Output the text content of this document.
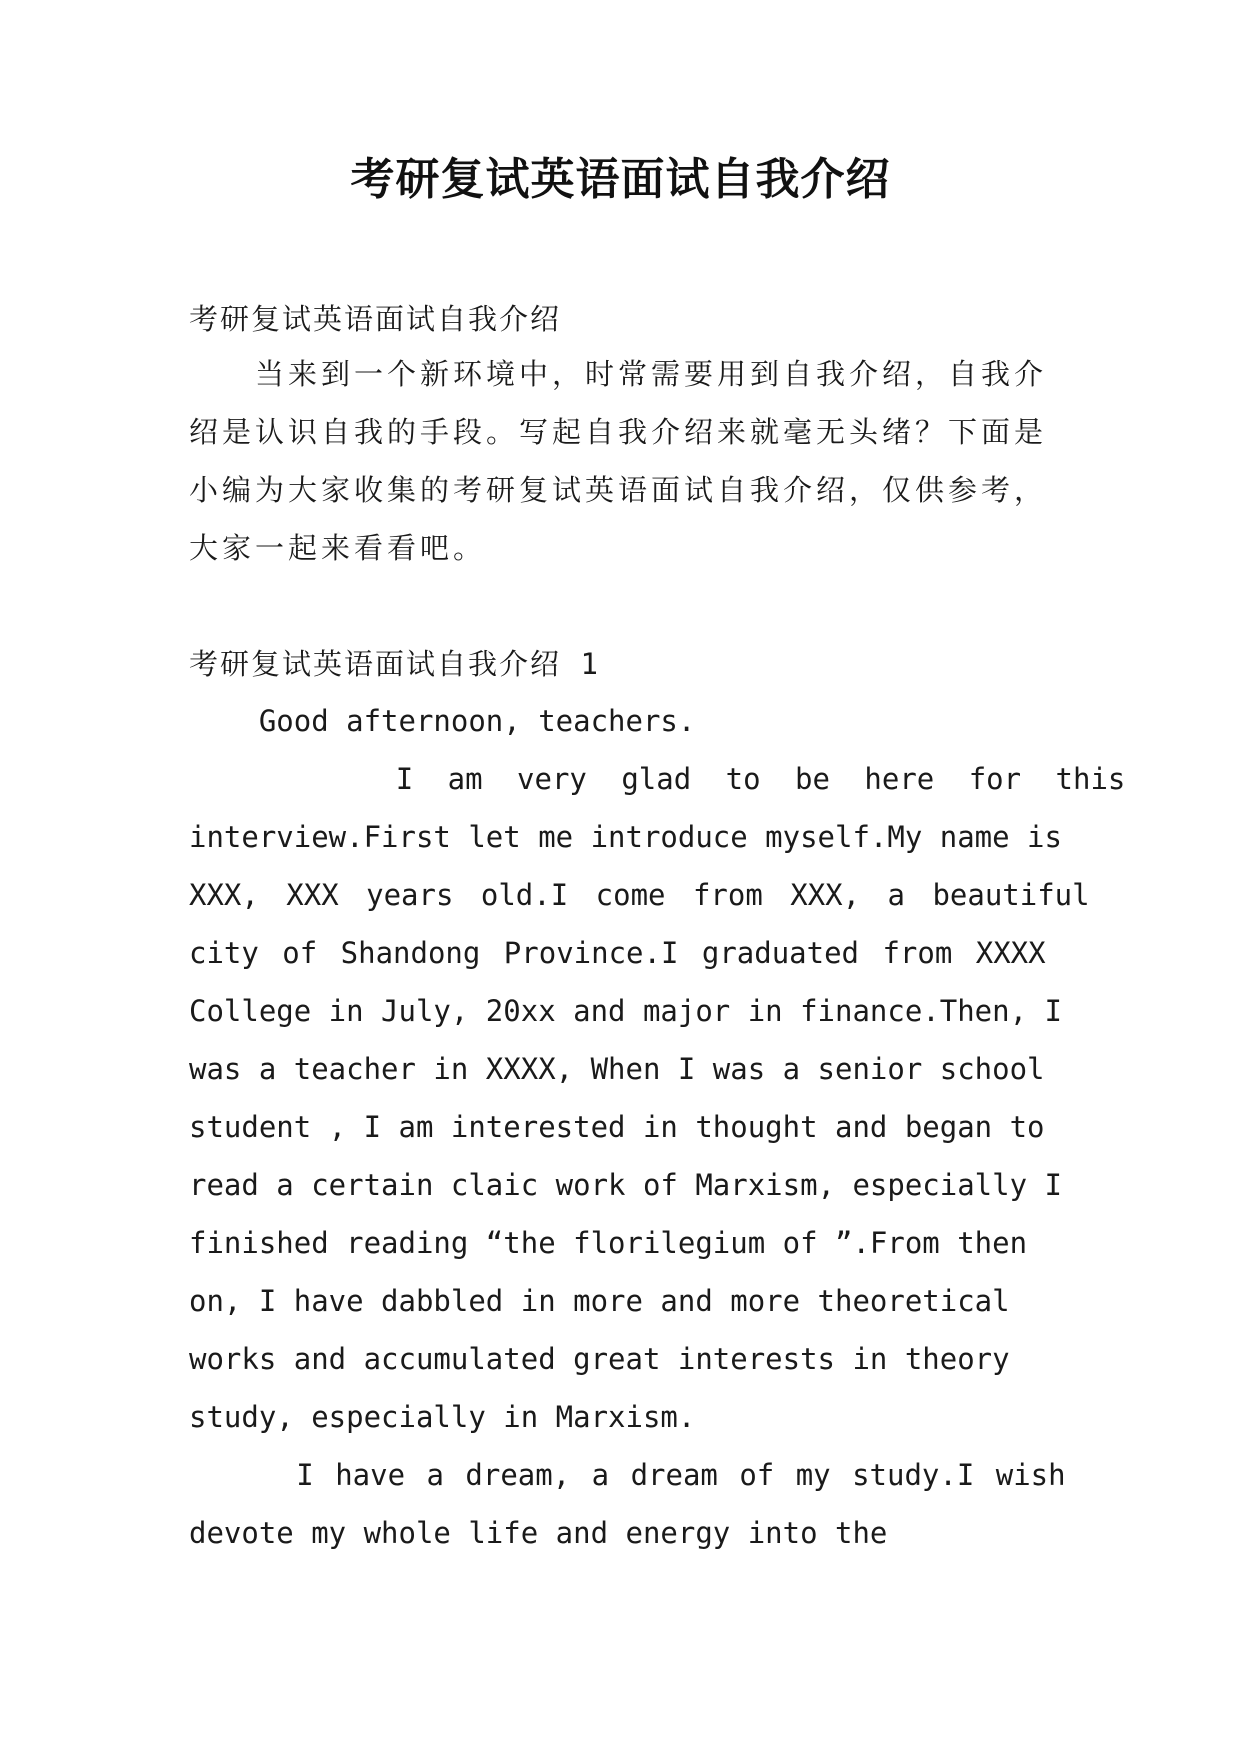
考研复试英语面试自我介绍
考研复试英语面试自我介绍
　　当来到一个新环境中，时常需要用到自我介绍，自我介
绍是认识自我的手段。写起自我介绍来就毫无头绪？下面是
小编为大家收集的考研复试英语面试自我介绍，仅供参考，
大家一起来看看吧。
考研复试英语面试自我介绍 1
Good afternoon, teachers.
I am very glad to be here for this
interview.First let me introduce myself.My name is
XXX, XXX years old.I come from XXX, a beautiful
city of Shandong Province.I graduated from XXXX
College in July, 20xx and major in finance.Then, I
was a teacher in XXXX, When I was a senior school
student , I am interested in thought and began to
read a certain claic work of Marxism, especially I
finished reading “the florilegium of ”.From then
on, I have dabbled in more and more theoretical
works and accumulated great interests in theory
study, especially in Marxism.
I have a dream, a dream of my study.I wish
devote my whole life and energy into the
